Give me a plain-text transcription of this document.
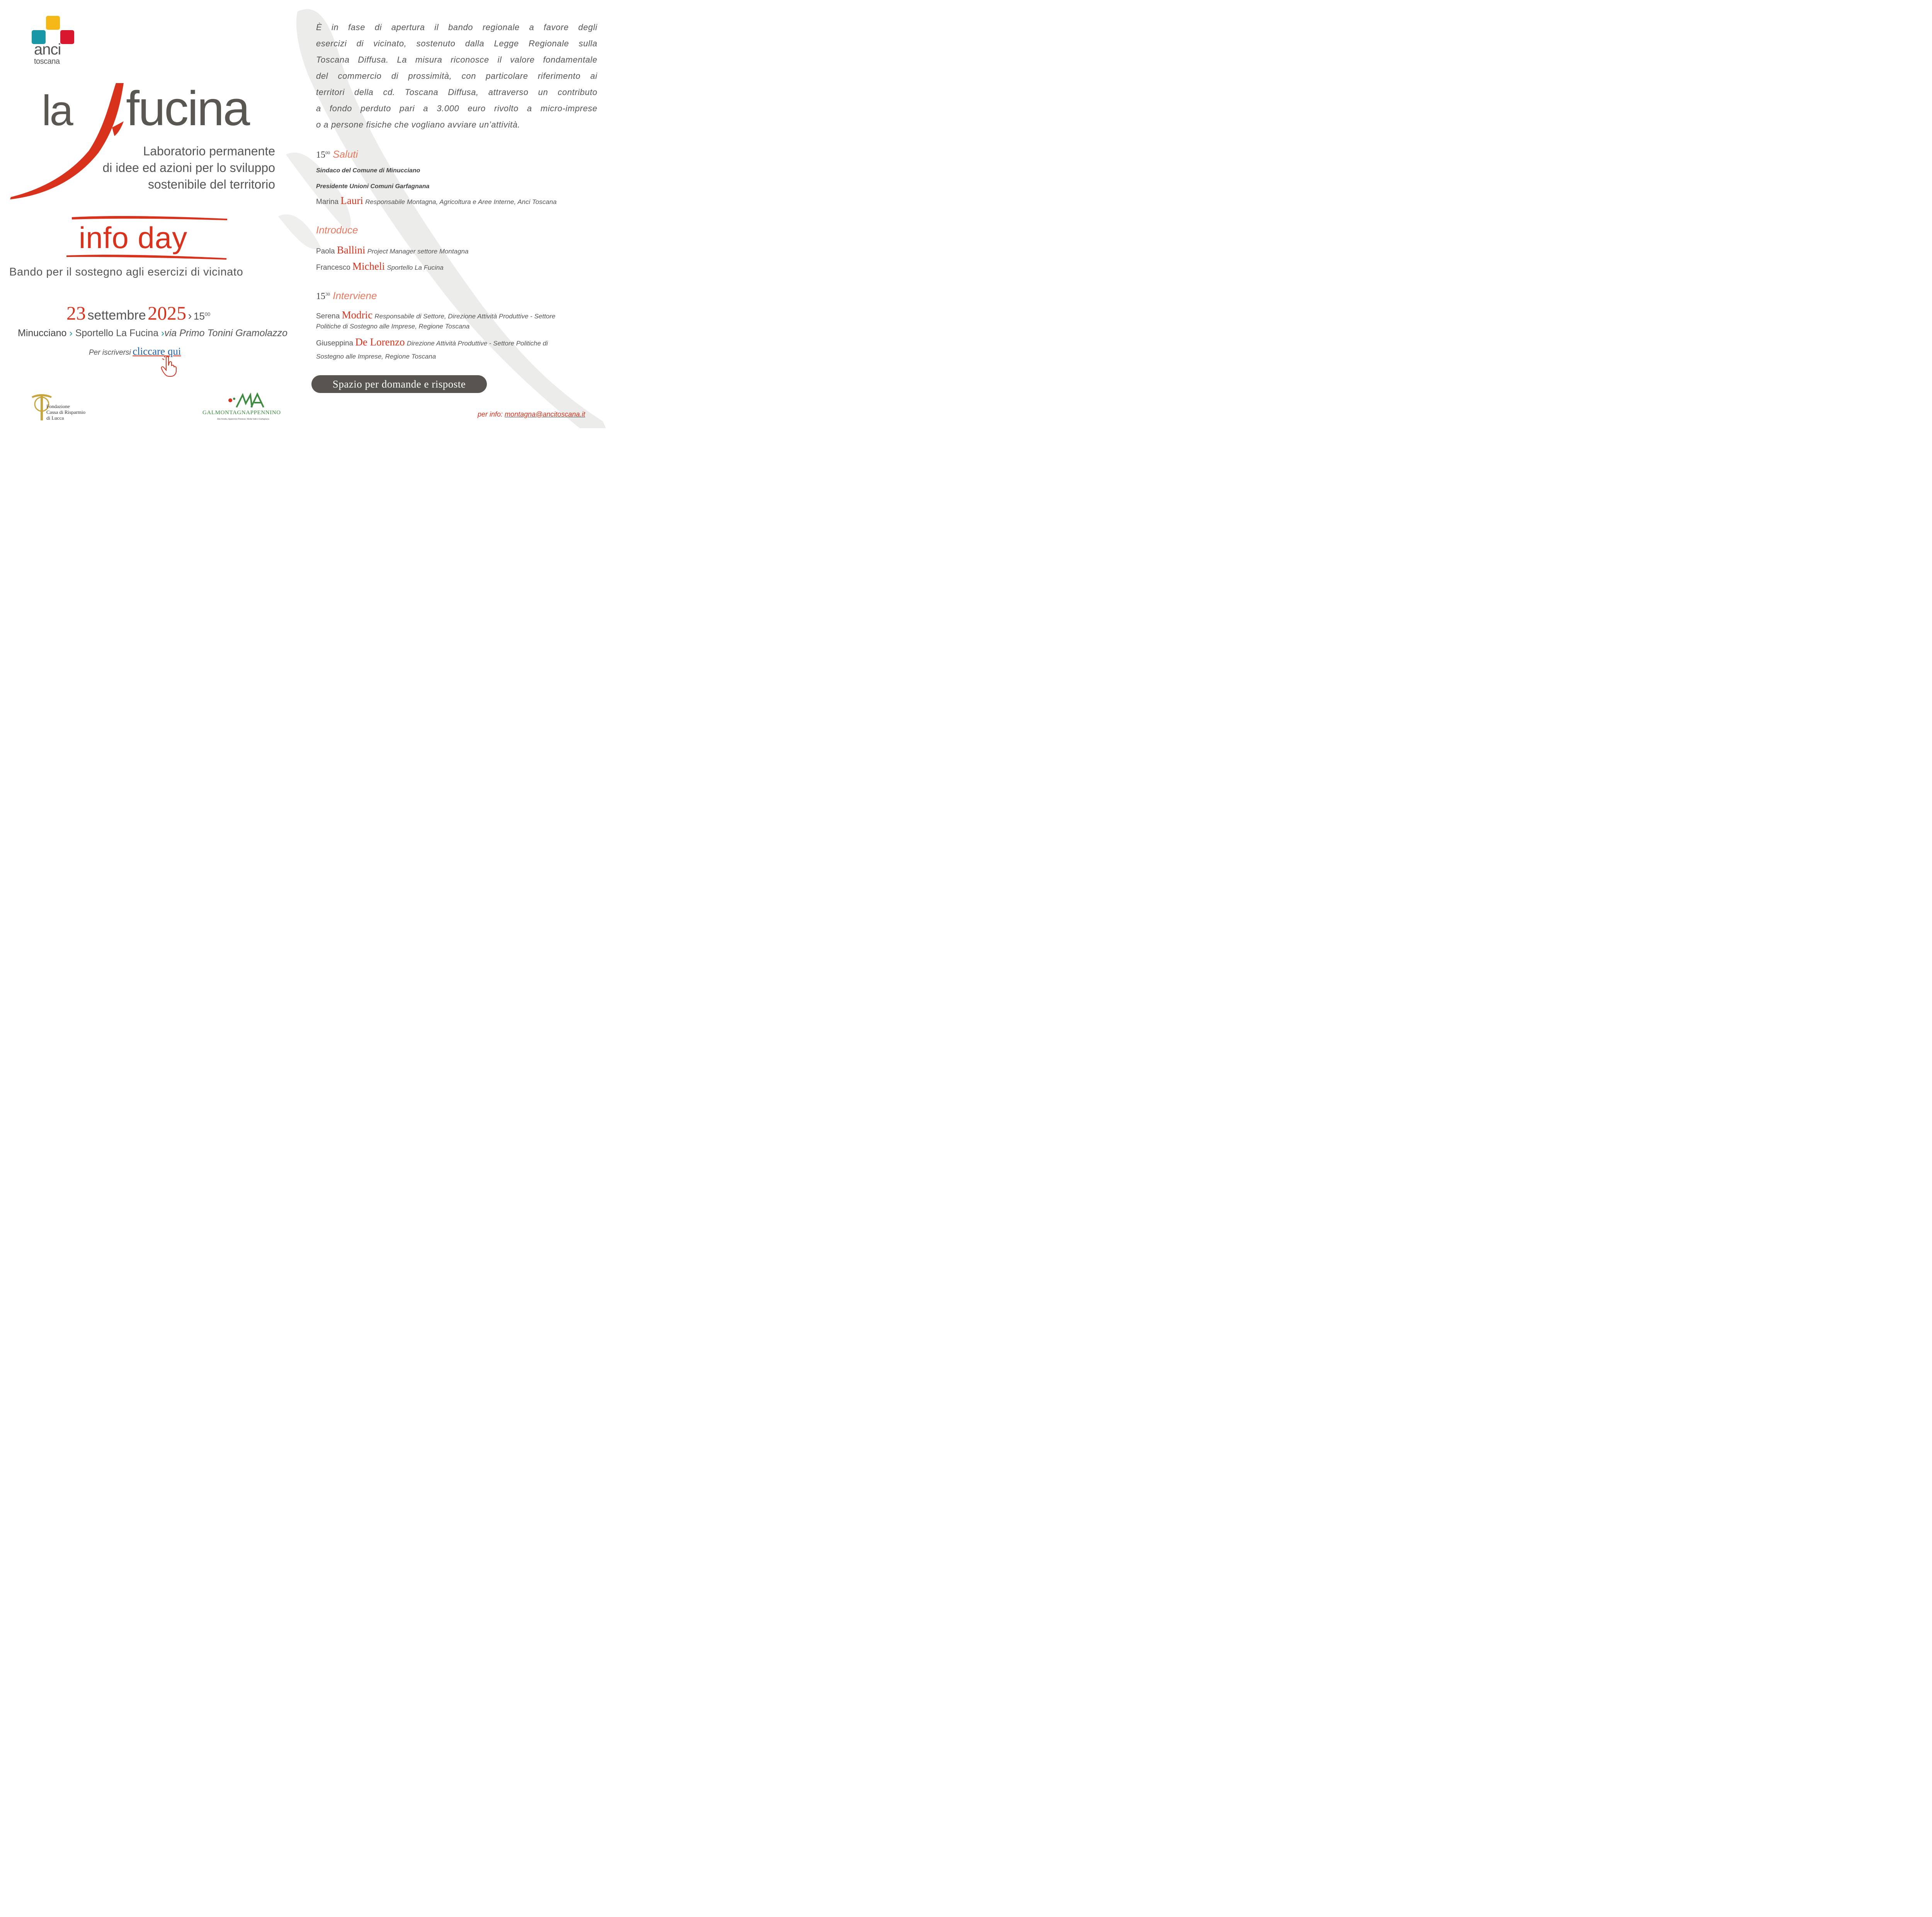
anci
toscana
la fucina
Laboratorio permanente
di idee ed azioni per lo sviluppo
sostenibile del territorio
info day
Bando per il sostegno agli esercizi di vicinato
23 settembre 2025 › $15^{00}$
Minucciano › Sportello La Fucina ›via Primo Tonini Gramolazzo
Per iscriversi cliccare qui
Fondazione
Cassa di Risparmio
di Lucca
GALMONTAGNAPPENNINO
Alta Versilia, Appennino Pistoiese, Media Valle e Garfagnana
È in fase di apertura il bando regionale a favore degli
esercizi di vicinato, sostenuto dalla Legge Regionale sulla
Toscana Diffusa. La misura riconosce il valore fondamentale
del commercio di prossimità, con particolare riferimento ai
territori della cd. Toscana Diffusa, attraverso un contributo
a fondo perduto pari a 3.000 euro rivolto a micro-imprese
o a persone fisiche che vogliano avviare un’attività.
$15^{00}$ Saluti
Sindaco del Comune di Minucciano
Presidente Unioni Comuni Garfagnana
Marina Lauri Responsabile Montagna, Agricoltura e Aree Interne, Anci Toscana
Introduce
Paola Ballini Project Manager settore Montagna
Francesco Micheli Sportello La Fucina
$15^{30}$ Interviene
Serena Modric Responsabile di Settore, Direzione Attività Produttive - Settore
Politiche di Sostegno alle Imprese, Regione Toscana
Giuseppina De Lorenzo Direzione Attività Produttive - Settore Politiche di
Sostegno alle Imprese, Regione Toscana
Spazio per domande e risposte
per info: montagna@ancitoscana.it
